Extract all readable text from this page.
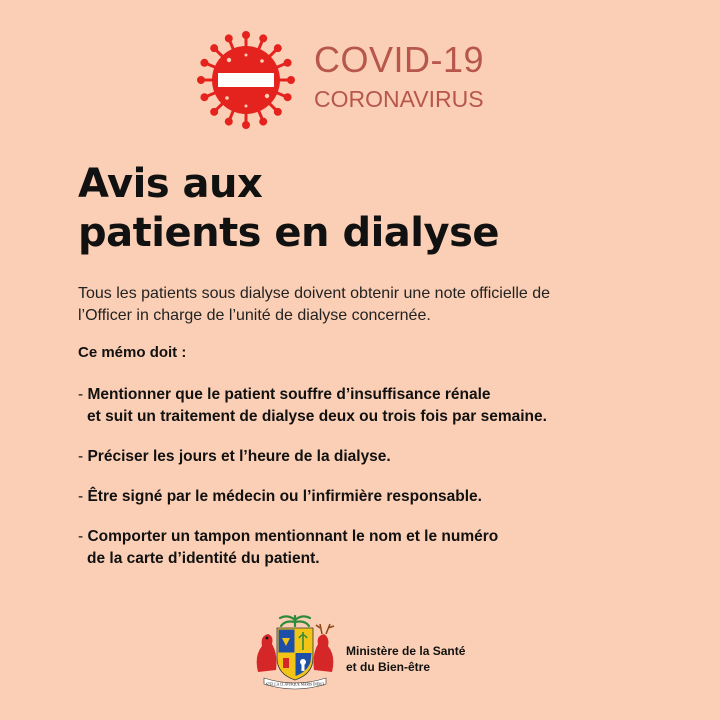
COVID-19
CORONAVIRUS
Avis aux
patients en dialyse
Tous les patients sous dialyse doivent obtenir une note officielle de
l’Officer in charge de l’unité de dialyse concernée.
Ce mémo doit :
- Mentionner que le patient souffre d’insuffisance rénale
et suit un traitement de dialyse deux ou trois fois par semaine.
- Préciser les jours et l’heure de la dialyse.
- Être signé par le médecin ou l’infirmière responsable.
- Comporter un tampon mentionnant le nom et le numéro
de la carte d’identité du patient.
STELLA CLAVISQUE MARIS INDICI
Ministère de la Santé
et du Bien-être
